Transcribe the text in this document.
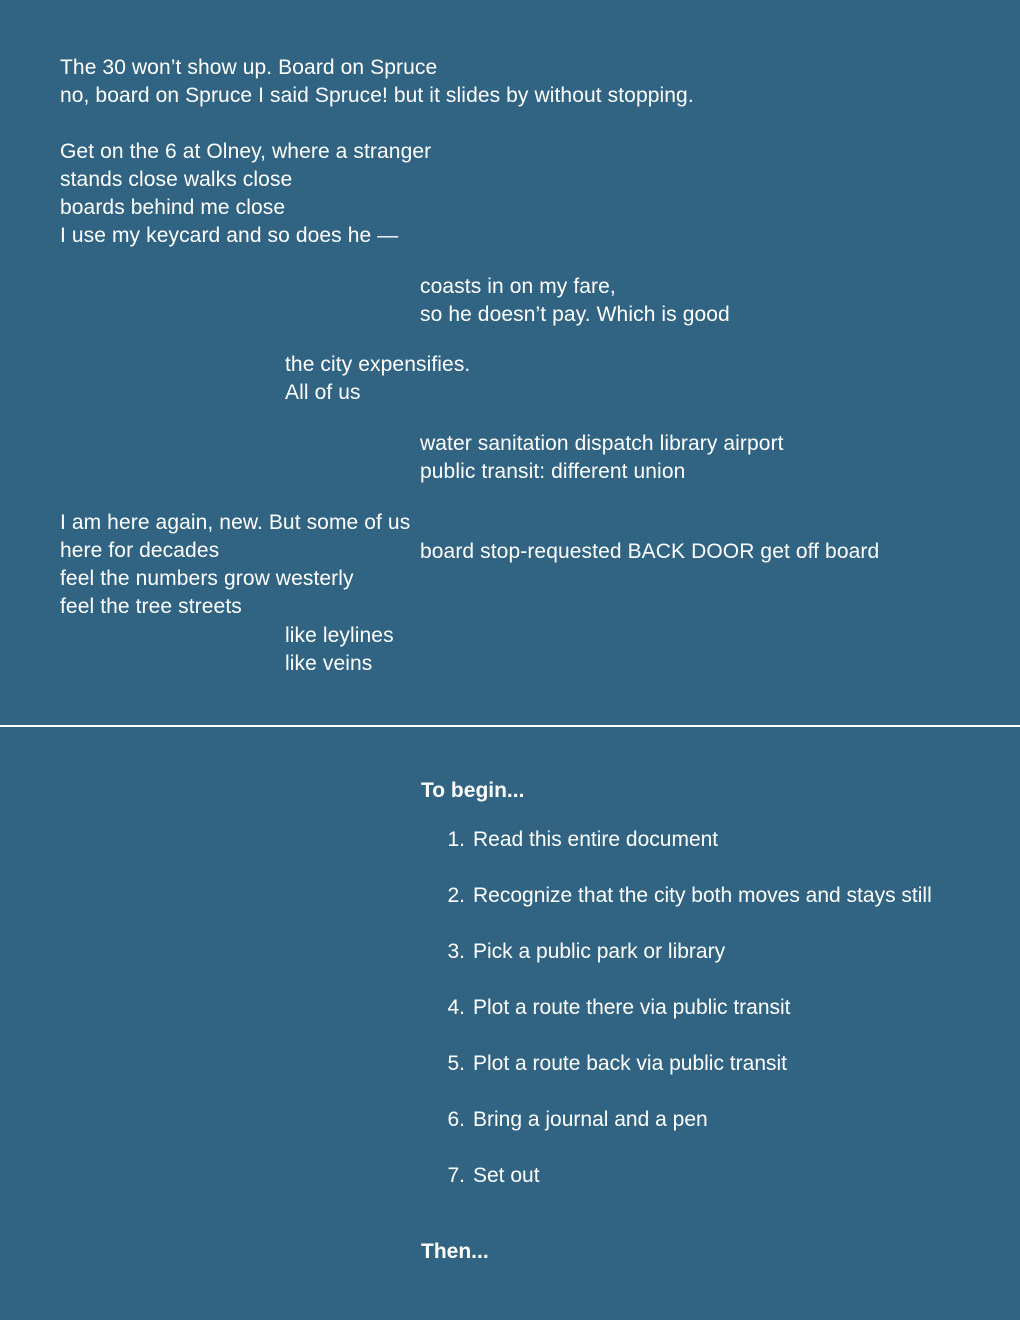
The 30 won’t show up. Board on Spruce
no, board on Spruce I said Spruce! but it slides by without stopping.
Get on the 6 at Olney, where a stranger
stands close walks close
boards behind me close
I use my keycard and so does he —
coasts in on my fare,
so he doesn’t pay. Which is good
the city expensifies.
All of us
water sanitation dispatch library airport
public transit: different union
I am here again, new. But some of us
here for decades	board stop-requested BACK DOOR get off board
feel the numbers grow westerly
feel the tree streets
like leylines
like veins
To begin...
1. Read this entire document
2. Recognize that the city both moves and stays still
3. Pick a public park or library
4. Plot a route there via public transit
5. Plot a route back via public transit
6. Bring a journal and a pen
7. Set out
Then...
